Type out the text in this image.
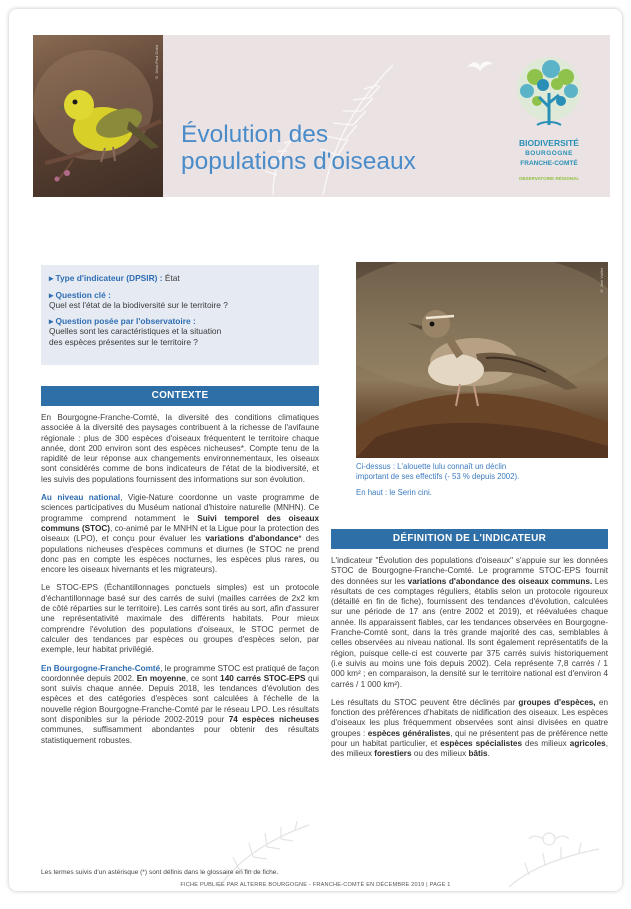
© Jean-Paul Guiot
Évolution des
populations d'oiseaux
BIODIVERSITÉ
BOURGOGNE
FRANCHE-COMTÉ
OBSERVATOIRE RÉGIONAL
▸ Type d'indicateur (DPSIR) : État
▸ Question clé :
Quel est l'état de la biodiversité sur le territoire ?
▸ Question posée par l'observatoire :
Quelles sont les caractéristiques et la situation
des espèces présentes sur le territoire ?
© Joel Vuillet
Ci-dessus : L'alouette lulu connaît un déclin important de ses effectifs (- 53 % depuis 2002).
En haut : le Serin cini.
CONTEXTE

En Bourgogne-Franche-Comté, la diversité des conditions climatiques associée à la diversité des paysages contribuent à la richesse de l'avifaune régionale : plus de 300 espèces d'oiseaux fréquentent le territoire chaque année, dont 200 environ sont des espèces nicheuses*. Compte tenu de la rapidité de leur réponse aux changements environnementaux, les oiseaux sont considérés comme de bons indicateurs de l'état de la biodiversité, et les suivis des populations fournissent des informations sur son évolution.

Au niveau national, Vigie-Nature coordonne un vaste programme de sciences participatives du Muséum national d'histoire naturelle (MNHN). Ce programme comprend notamment le Suivi temporel des oiseaux communs (STOC), co-animé par le MNHN et la Ligue pour la protection des oiseaux (LPO), et conçu pour évaluer les variations d'abondance* des populations nicheuses d'espèces communs et diurnes (le STOC ne prend donc pas en compte les espèces nocturnes, les espèces plus rares, ou encore les oiseaux hivernants et les migrateurs).

Le STOC-EPS (Échantillonnages ponctuels simples) est un protocole d'échantillonnage basé sur des carrés de suivi (mailles carrées de 2x2 km de côté réparties sur le territoire). Les carrés sont tirés au sort, afin d'assurer une représentativité maximale des différents habitats. Pour mieux comprendre l'évolution des populations d'oiseaux, le STOC permet de calculer des tendances par espèces ou groupes d'espèces selon, par exemple, leur habitat privilégié.

En Bourgogne-Franche-Comté, le programme STOC est pratiqué de façon coordonnée depuis 2002. En moyenne, ce sont 140 carrés STOC-EPS qui sont suivis chaque année. Depuis 2018, les tendances d'évolution des espèces et des catégories d'espèces sont calculées à l'échelle de la nouvelle région Bourgogne-Franche-Comté par le réseau LPO. Les résultats sont disponibles sur la période 2002-2019 pour 74 espèces nicheuses communes, suffisamment abondantes pour obtenir des résultats statistiquement robustes.

DÉFINITION DE L'INDICATEUR

L'indicateur "Évolution des populations d'oiseaux" s'appuie sur les données STOC de Bourgogne-Franche-Comté. Le programme STOC-EPS fournit des données sur les variations d'abondance des oiseaux communs. Les résultats de ces comptages réguliers, établis selon un protocole rigoureux (détaillé en fin de fiche), fournissent des tendances d'évolution, calculées sur une période de 17 ans (entre 2002 et 2019), et réévaluées chaque année. Ils apparaissent fiables, car les tendances observées en Bourgogne-Franche-Comté sont, dans la très grande majorité des cas, semblables à celles observées au niveau national. Ils sont également représentatifs de la région, puisque celle-ci est couverte par 375 carrés suivis historiquement (i.e suivis au moins une fois depuis 2002). Cela représente 7,8 carrés / 1 000 km² ; en comparaison, la densité sur le territoire national est d'environ 4 carrés / 1 000 km²).

Les résultats du STOC peuvent être déclinés par groupes d'espèces, en fonction des préférences d'habitats de nidification des oiseaux. Les espèces d'oiseaux les plus fréquemment observées sont ainsi divisées en quatre groupes : espèces généralistes, qui ne présentent pas de préférence nette pour un habitat particulier, et espèces spécialistes des milieux agricoles, des milieux forestiers ou des milieux bâtis.

Les termes suivis d'un astérisque (*) sont définis dans le glossaire en fin de fiche.
FICHE PUBLIÉE PAR ALTERRE BOURGOGNE - FRANCHE-COMTÉ EN DÉCEMBRE 2019 | PAGE 1
